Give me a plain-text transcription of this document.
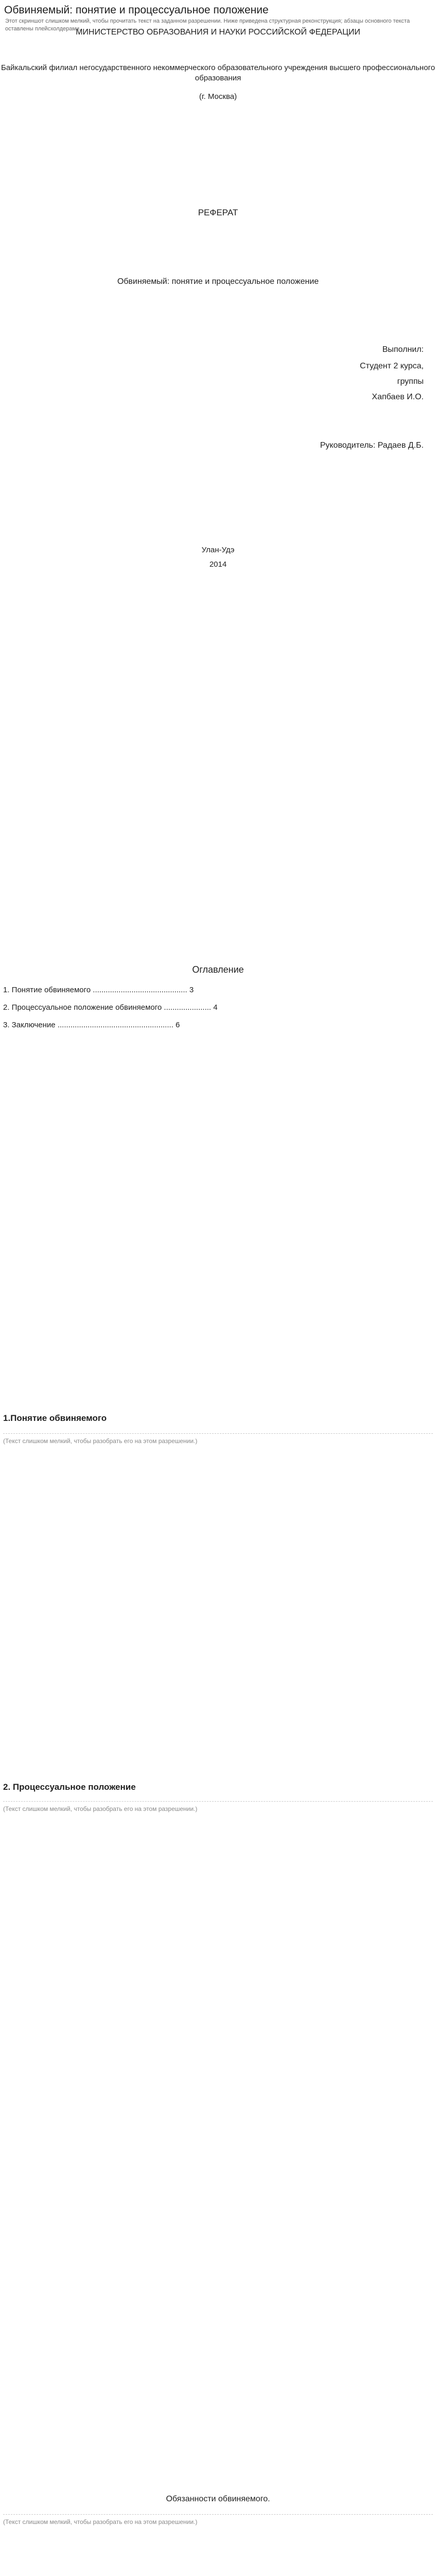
Обвиняемый: понятие и процессуальное положение
Этот скриншот слишком мелкий, чтобы прочитать текст на заданном разрешении. Ниже приведена структурная реконструкция; абзацы основного текста оставлены плейсхолдерами.
МИНИСТЕРСТВО ОБРАЗОВАНИЯ И НАУКИ РОССИЙСКОЙ ФЕДЕРАЦИИ
Байкальский филиал негосударственного некоммерческого образовательного учреждения высшего профессионального образования
(г. Москва)
РЕФЕРАТ
Обвиняемый: понятие и процессуальное положение
Выполнил:
Студент 2 курса,
группы
Хапбаев И.О.
Руководитель: Радаев Д.Б.
Улан-Удэ
2014
Оглавление
1. Понятие обвиняемого ............................................ 3
2. Процессуальное положение обвиняемого ...................... 4
3. Заключение ...................................................... 6
1.Понятие обвиняемого
(Текст слишком мелкий, чтобы разобрать его на этом разрешении.)
2. Процессуальное положение
(Текст слишком мелкий, чтобы разобрать его на этом разрешении.)
Обязанности обвиняемого.
(Текст слишком мелкий, чтобы разобрать его на этом разрешении.)
